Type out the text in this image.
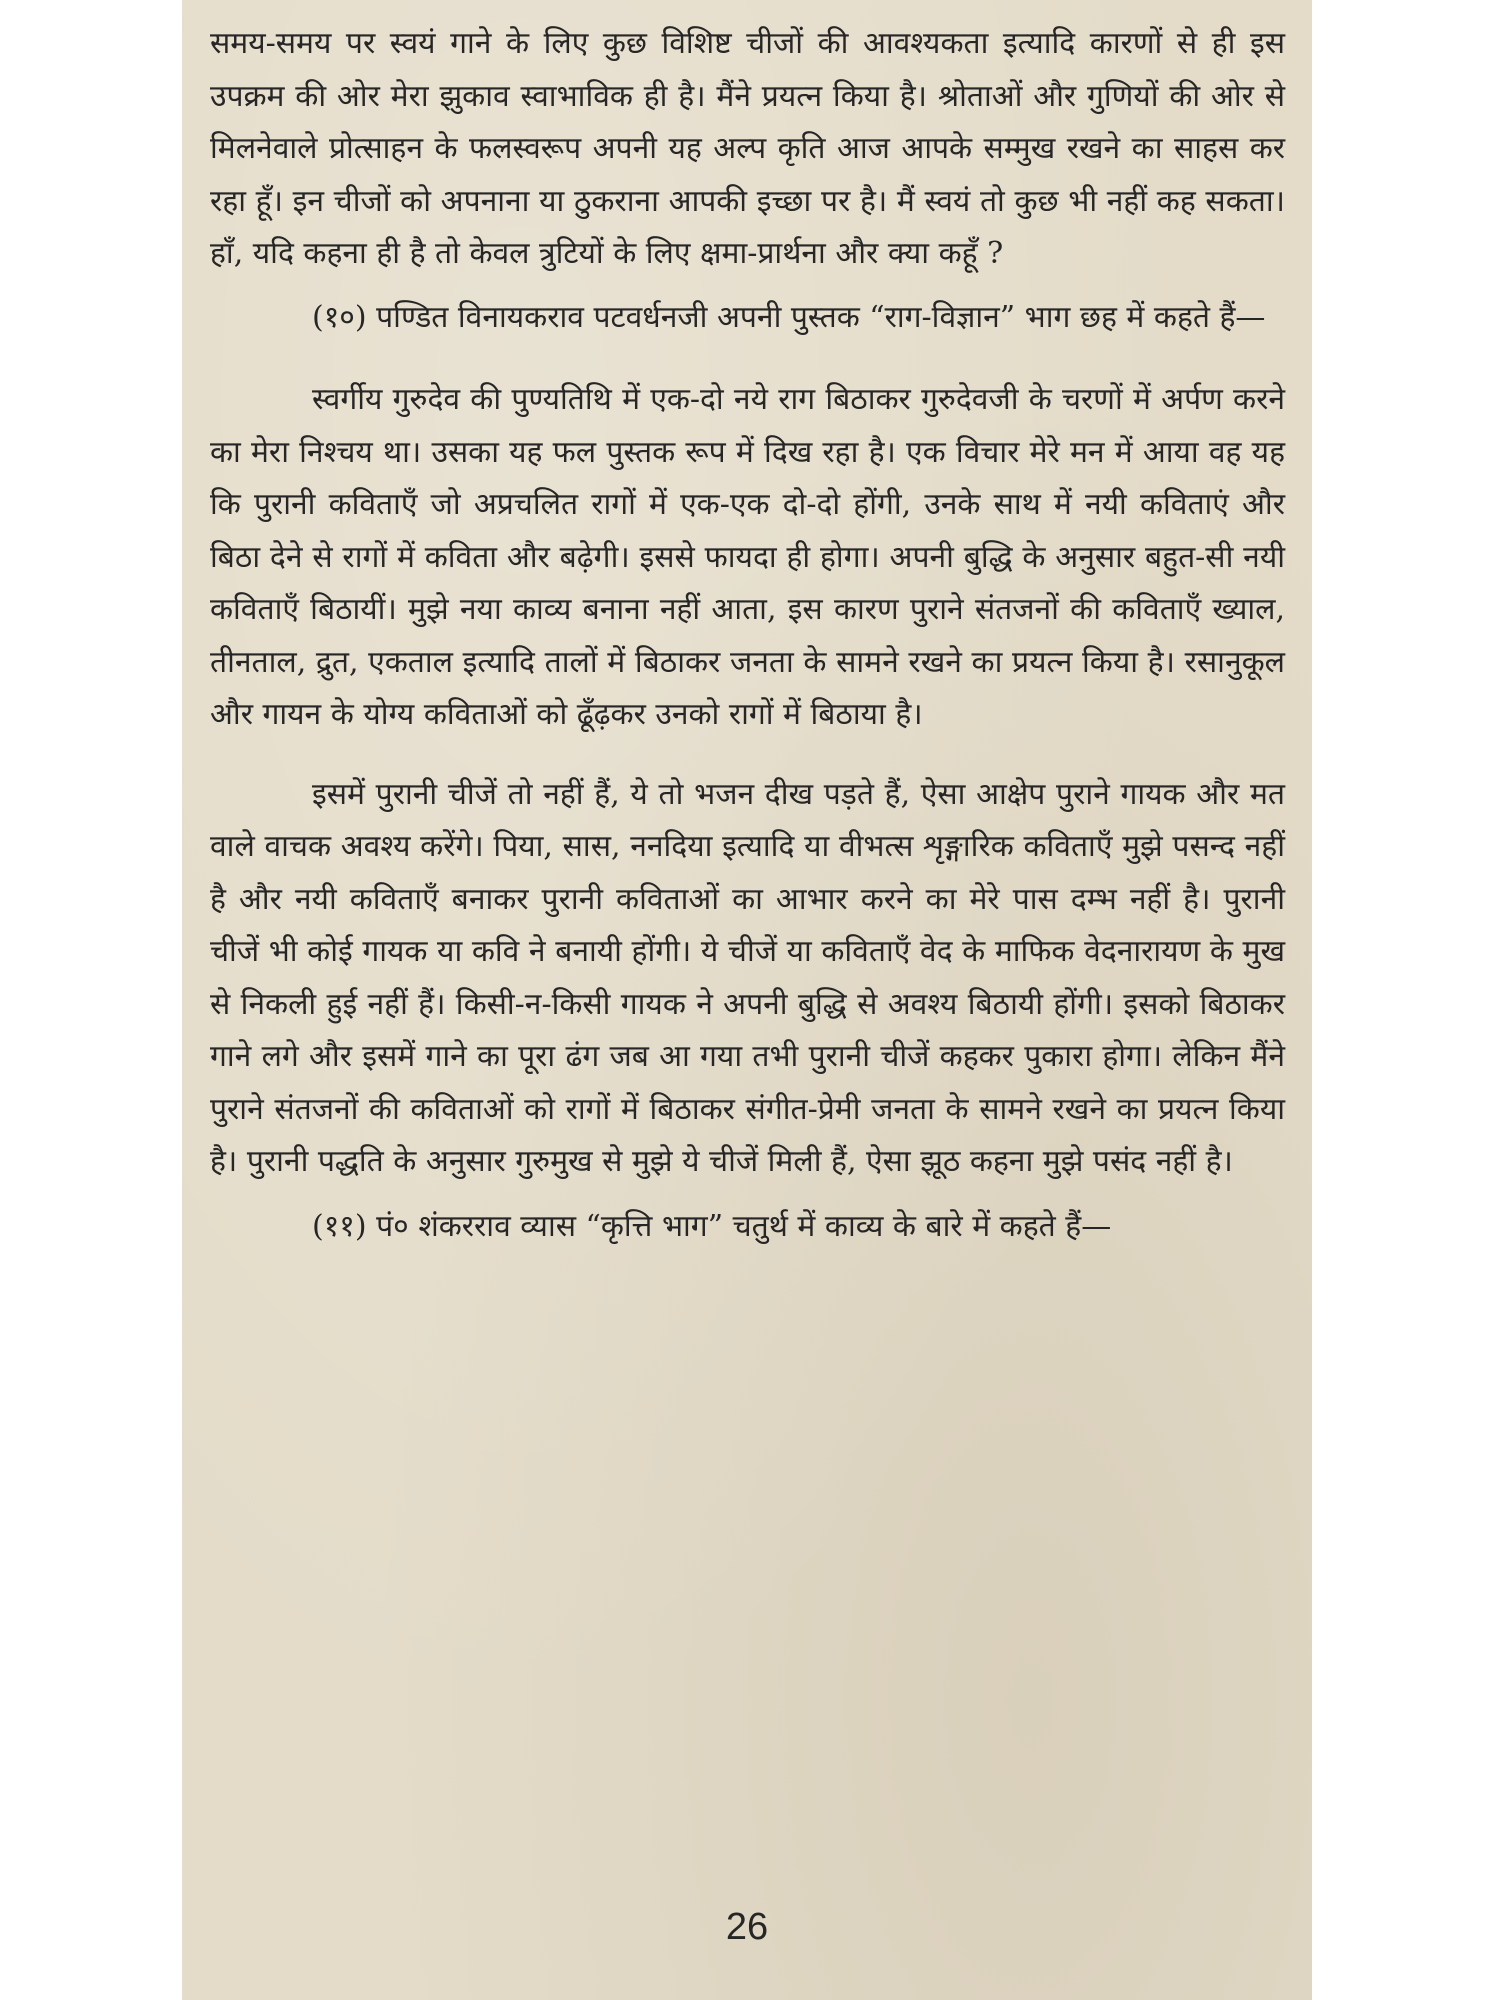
समय-समय पर स्वयं गाने के लिए कुछ विशिष्ट चीजों की आवश्यकता इत्यादि कारणों से ही इस उपक्रम की ओर मेरा झुकाव स्वाभाविक ही है। मैंने प्रयत्न किया है। श्रोताओं और गुणियों की ओर से मिलनेवाले प्रोत्साहन के फलस्वरूप अपनी यह अल्प कृति आज आपके सम्मुख रखने का साहस कर रहा हूँ। इन चीजों को अपनाना या ठुकराना आपकी इच्छा पर है। मैं स्वयं तो कुछ भी नहीं कह सकता। हाँ, यदि कहना ही है तो केवल त्रुटियों के लिए क्षमा-प्रार्थना और क्या कहूँ ?

(१०) पण्डित विनायकराव पटवर्धनजी अपनी पुस्तक “राग-विज्ञान” भाग छह में कहते हैं—

स्वर्गीय गुरुदेव की पुण्यतिथि में एक-दो नये राग बिठाकर गुरुदेवजी के चरणों में अर्पण करने का मेरा निश्चय था। उसका यह फल पुस्तक रूप में दिख रहा है। एक विचार मेरे मन में आया वह यह कि पुरानी कविताएँ जो अप्रचलित रागों में एक-एक दो-दो होंगी, उनके साथ में नयी कविताएं और बिठा देने से रागों में कविता और बढ़ेगी। इससे फायदा ही होगा। अपनी बुद्धि के अनुसार बहुत-सी नयी कविताएँ बिठायीं। मुझे नया काव्य बनाना नहीं आता, इस कारण पुराने संतजनों की कविताएँ ख्याल, तीनताल, द्रुत, एकताल इत्यादि तालों में बिठाकर जनता के सामने रखने का प्रयत्न किया है। रसानुकूल और गायन के योग्य कविताओं को ढूँढ़कर उनको रागों में बिठाया है।

इसमें पुरानी चीजें तो नहीं हैं, ये तो भजन दीख पड़ते हैं, ऐसा आक्षेप पुराने गायक और मत वाले वाचक अवश्य करेंगे। पिया, सास, ननदिया इत्यादि या वीभत्स शृङ्गारिक कविताएँ मुझे पसन्द नहीं है और नयी कविताएँ बनाकर पुरानी कविताओं का आभार करने का मेरे पास दम्भ नहीं है। पुरानी चीजें भी कोई गायक या कवि ने बनायी होंगी। ये चीजें या कविताएँ वेद के माफिक वेदनारायण के मुख से निकली हुई नहीं हैं। किसी-न-किसी गायक ने अपनी बुद्धि से अवश्य बिठायी होंगी। इसको बिठाकर गाने लगे और इसमें गाने का पूरा ढंग जब आ गया तभी पुरानी चीजें कहकर पुकारा होगा। लेकिन मैंने पुराने संतजनों की कविताओं को रागों में बिठाकर संगीत-प्रेमी जनता के सामने रखने का प्रयत्न किया है। पुरानी पद्धति के अनुसार गुरुमुख से मुझे ये चीजें मिली हैं, ऐसा झूठ कहना मुझे पसंद नहीं है।

(११) पं० शंकरराव व्यास “कृत्ति भाग” चतुर्थ में काव्य के बारे में कहते हैं—

26
